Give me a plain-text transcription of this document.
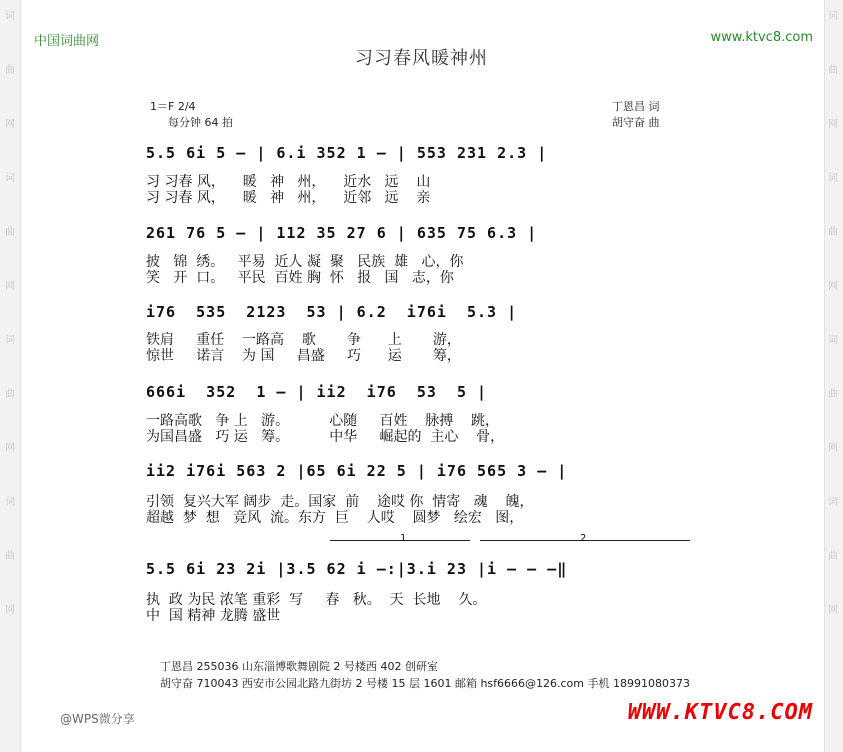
词
曲
网
词
曲
网
词
曲
网
词
曲
网
词
曲
网
词
曲
网
词
曲
网
词
曲
网
中国词曲网	www.ktvc8.com
习习春风暖神州
1＝F 2/4
每分钟 64 拍
丁恩昌 词
胡守奋 曲
5.5 6i 5 — | 6.i 352 1 — | 553 231 2.3 |
习 习春 风，    暖   神   州，    近水   远    山
习 习春 风，    暖   神   州，    近邻   远    亲
261 76 5 — | 112 35 27 6 | 635 75 6.3 |
披   锦  绣。   平易  近人 凝  聚   民族  雄   心，你
笑   开  口。   平民  百姓 胸  怀   报   国   志，你
i76  535  2123  53 | 6.2  i76i  5.3 |
铁肩     重任    一路高    歌       争      上       游，
惊世     诺言    为 国     昌盛     巧      运       筹，
666i  352  1 — | ii2  i76  53  5 |
一路高歌   争 上   游。         心随     百姓    脉搏    跳，
为国昌盛   巧 运   筹。         中华     崛起的  主心    骨，
ii2 i76i 563 2 |65 6i 22 5 | i76 565 3 — |
引领  复兴大军 阔步  走。国家  前    途哎 你  情寄   魂    魄，
超越  梦  想   竞风  流。东方  巨    人哎    圆梦   绘宏   图，
1	2
5.5 6i 23 2i |3.5 62 i —:|3.i 23 |i — — —‖
执  政 为民 浓笔 重彩  写     春   秋。  天  长地    久。
中  国 精神 龙腾 盛世
丁恩昌 255036 山东淄博歌舞剧院 2 号楼西 402 创研室
胡守奋 710043 西安市公园北路九街坊 2 号楼 15 层 1601 邮箱 hsf6666@126.com 手机 18991080373
@WPS微分享	WWW.KTVC8.COM
